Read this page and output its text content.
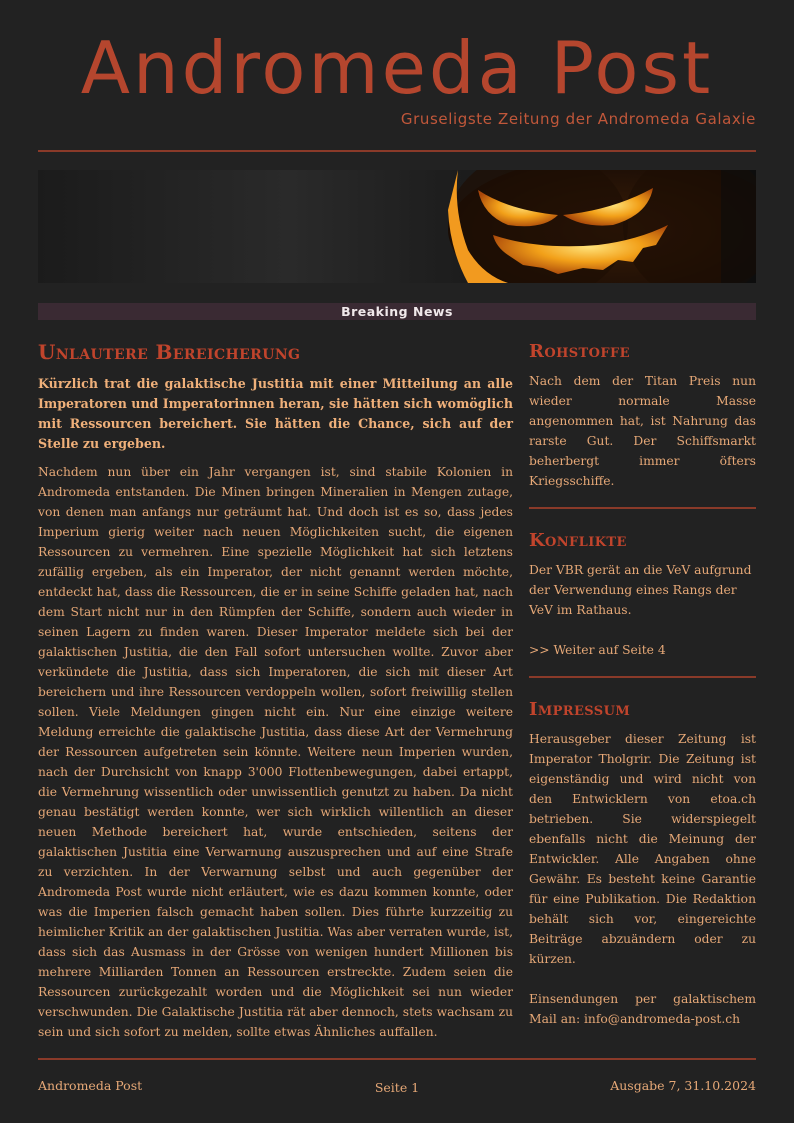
Andromeda Post
Gruseligste Zeitung der Andromeda Galaxie
Breaking News
Unlautere Bereicherung

Kürzlich trat die galaktische Justitia mit einer Mitteilung an alle Imperatoren und Imperatorinnen heran, sie hätten sich womöglich mit Ressourcen bereichert. Sie hätten die Chance, sich auf der Stelle zu ergeben.

Nachdem nun über ein Jahr vergangen ist, sind stabile Kolonien in Andromeda entstanden. Die Minen bringen Mineralien in Mengen zutage, von denen man anfangs nur geträumt hat. Und doch ist es so, dass jedes Imperium gierig weiter nach neuen Möglichkeiten sucht, die eigenen Ressourcen zu vermehren. Eine spezielle Möglichkeit hat sich letztens zufällig ergeben, als ein Imperator, der nicht genannt werden möchte, entdeckt hat, dass die Ressourcen, die er in seine Schiffe geladen hat, nach dem Start nicht nur in den Rümpfen der Schiffe, sondern auch wieder in seinen Lagern zu finden waren. Dieser Imperator meldete sich bei der galaktischen Justitia, die den Fall sofort untersuchen wollte. Zuvor aber verkündete die Justitia, dass sich Imperatoren, die sich mit dieser Art bereichern und ihre Ressourcen verdoppeln wollen, sofort freiwillig stellen sollen. Viele Meldungen gingen nicht ein. Nur eine einzige weitere Meldung erreichte die galaktische Justitia, dass diese Art der Vermehrung der Ressourcen aufgetreten sein könnte. Weitere neun Imperien wurden, nach der Durchsicht von knapp 3'000 Flottenbewegungen, dabei ertappt, die Vermehrung wissentlich oder unwissentlich genutzt zu haben. Da nicht genau bestätigt werden konnte, wer sich wirklich willentlich an dieser neuen Methode bereichert hat, wurde entschieden, seitens der galaktischen Justitia eine Verwarnung auszusprechen und auf eine Strafe zu verzichten. In der Verwarnung selbst und auch gegenüber der Andromeda Post wurde nicht erläutert, wie es dazu kommen konnte, oder was die Imperien falsch gemacht haben sollen. Dies führte kurzzeitig zu heimlicher Kritik an der galaktischen Justitia. Was aber verraten wurde, ist, dass sich das Ausmass in der Grösse von wenigen hundert Millionen bis mehrere Milliarden Tonnen an Ressourcen erstreckte. Zudem seien die Ressourcen zurückgezahlt worden und die Möglichkeit sei nun wieder verschwunden. Die Galaktische Justitia rät aber dennoch, stets wachsam zu sein und sich sofort zu melden, sollte etwas Ähnliches auffallen.

Rohstoffe

Nach dem der Titan Preis nun wieder normale Masse angenommen hat, ist Nahrung das rarste Gut. Der Schiffsmarkt beherbergt immer öfters Kriegsschiffe.

Konflikte

Der VBR gerät an die VeV aufgrund der Verwendung eines Rangs der VeV im Rathaus.

>> Weiter auf Seite 4

Impressum

Herausgeber dieser Zeitung ist Imperator Tholgrir. Die Zeitung ist eigenständig und wird nicht von den Entwicklern von etoa.ch betrieben. Sie widerspiegelt ebenfalls nicht die Meinung der Entwickler. Alle Angaben ohne Gewähr. Es besteht keine Garantie für eine Publikation. Die Redaktion behält sich vor, eingereichte Beiträge abzuändern oder zu kürzen.

Einsendungen per galaktischem Mail an: info@andromeda-post.ch

Andromeda Post	Seite 1	Ausgabe 7, 31.10.2024
